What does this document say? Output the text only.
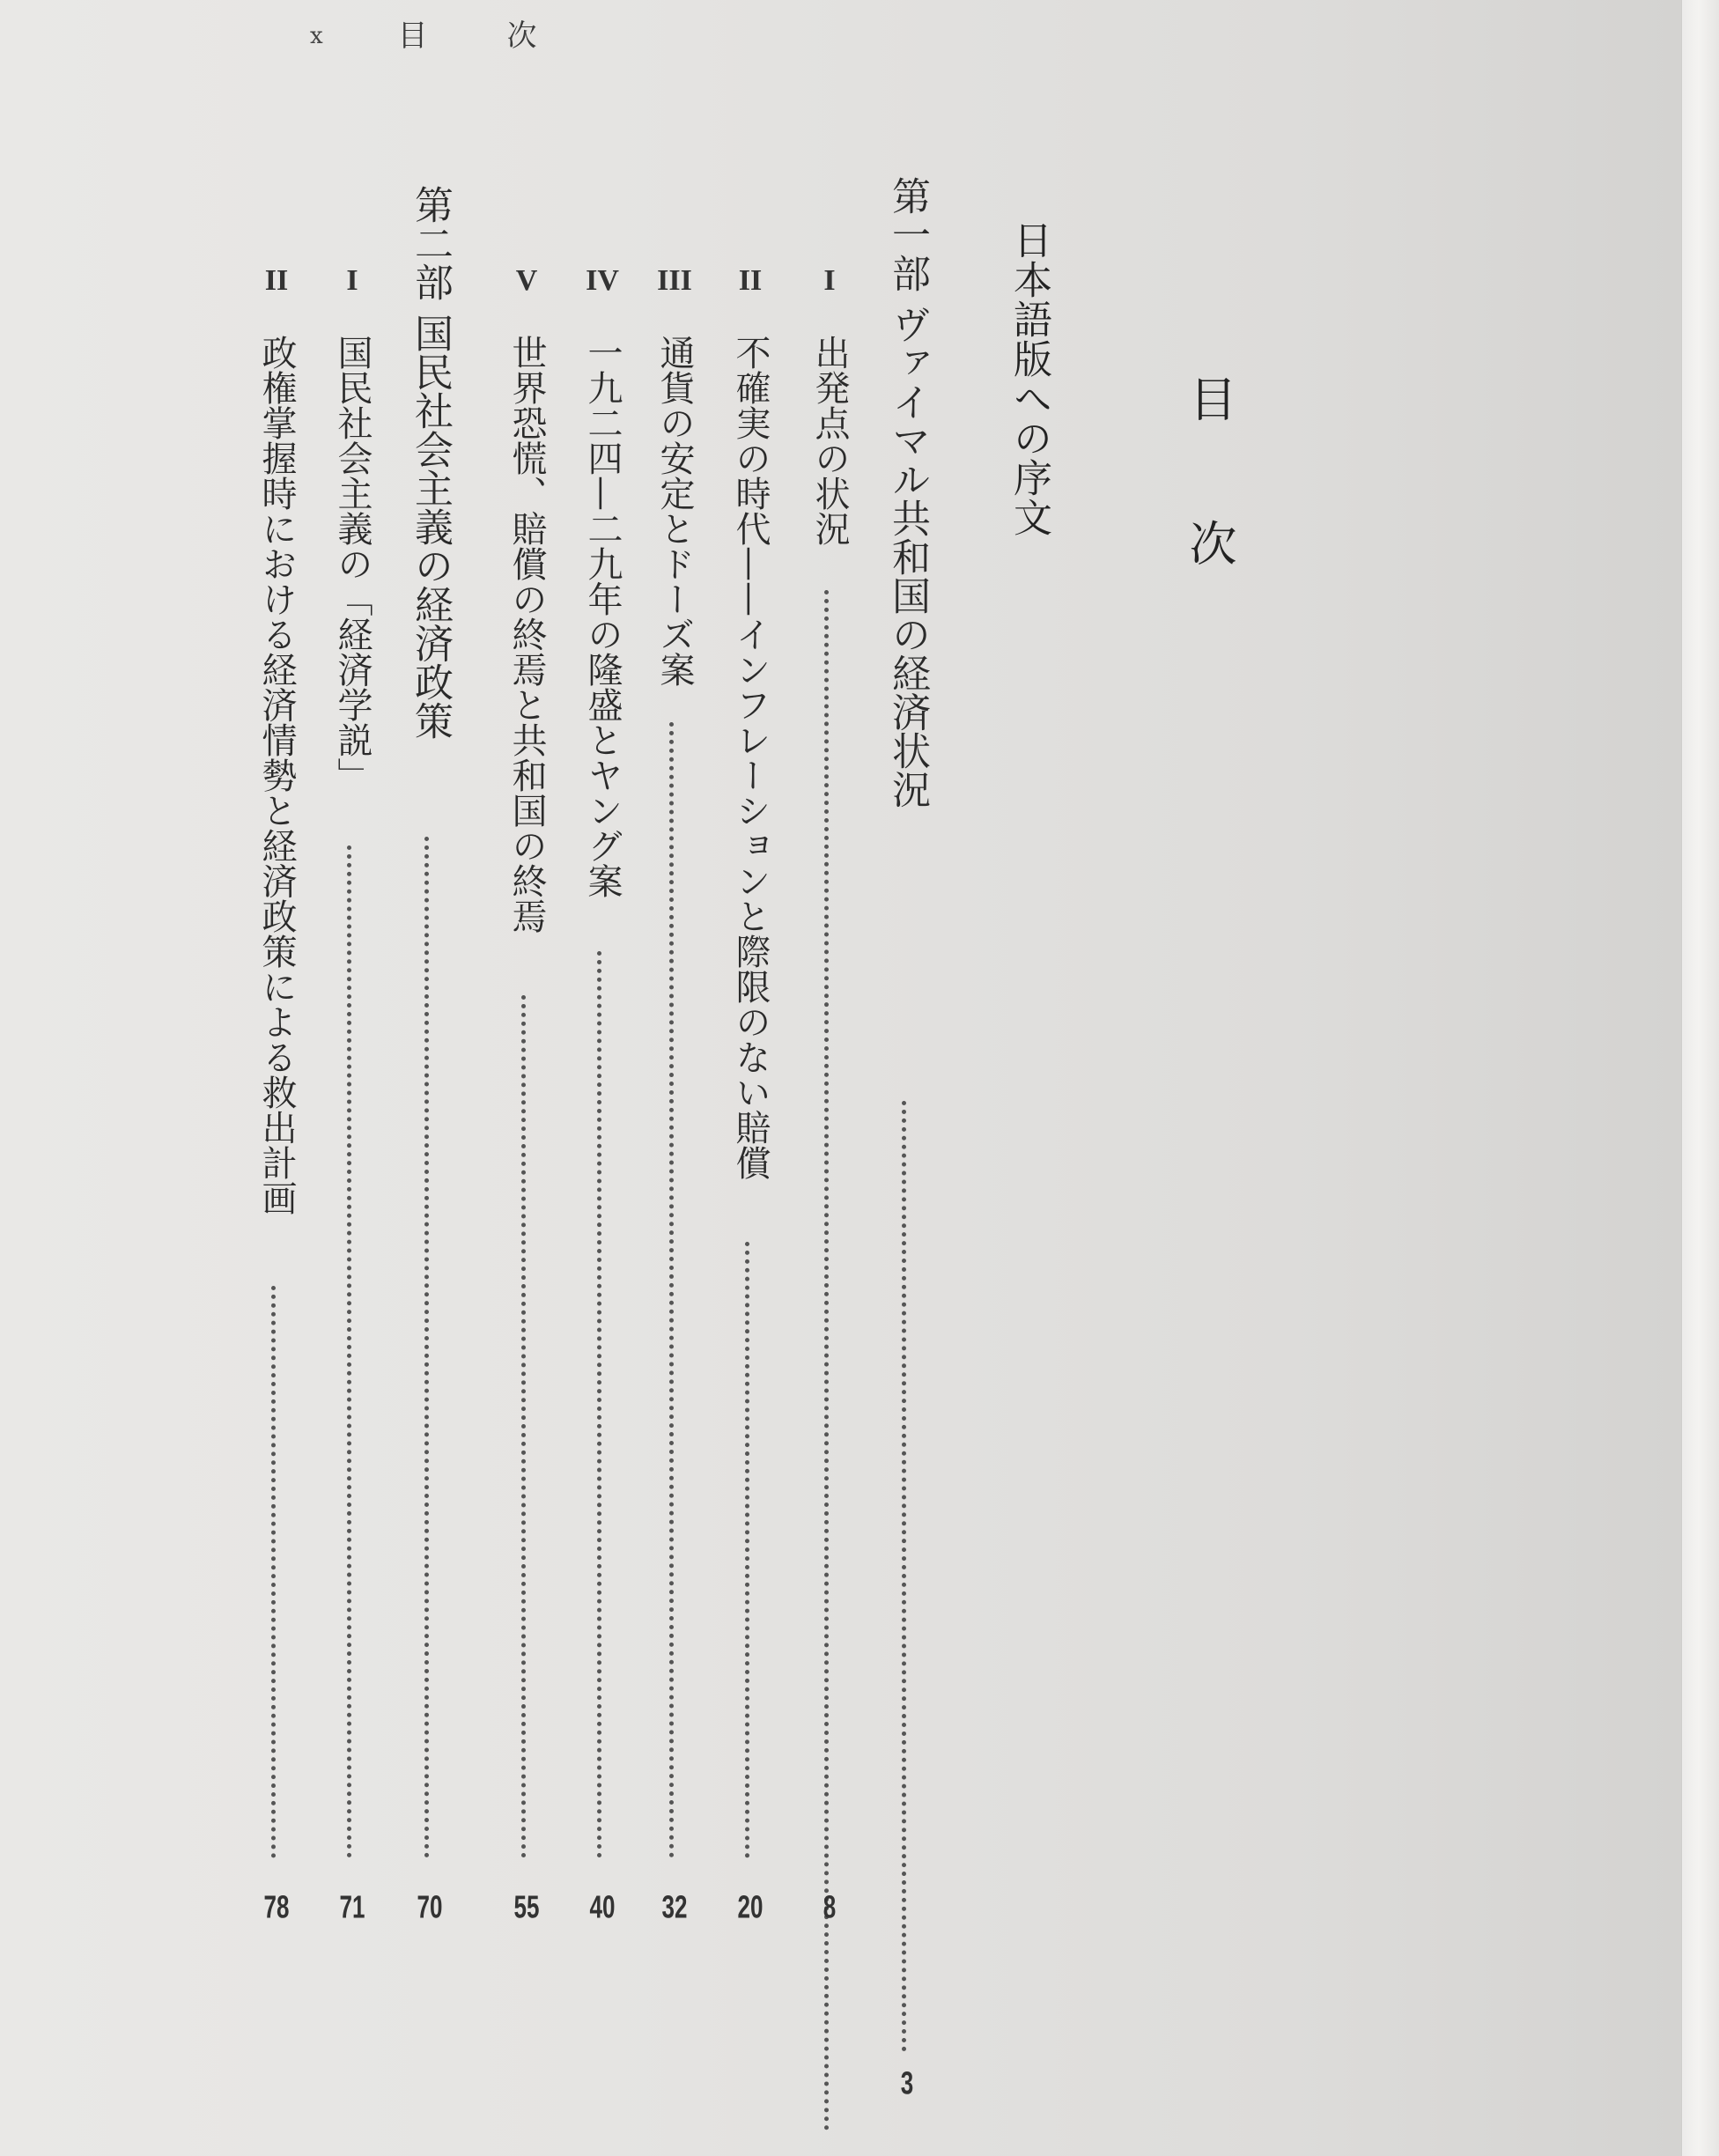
x 目 次
目次
日本語版への序文
第一部 ヴァイマル共和国の経済状況
3
I
出発点の状況
8
II
不確実の時代——インフレーションと際限のない賠償
20
III
通貨の安定とドーズ案
32
IV
一九二四—二九年の隆盛とヤング案
40
V
世界恐慌、賠償の終焉と共和国の終焉
55
第二部 国民社会主義の経済政策
70
I
国民社会主義の「経済学説」
71
II
政権掌握時における経済情勢と経済政策による救出計画
78
